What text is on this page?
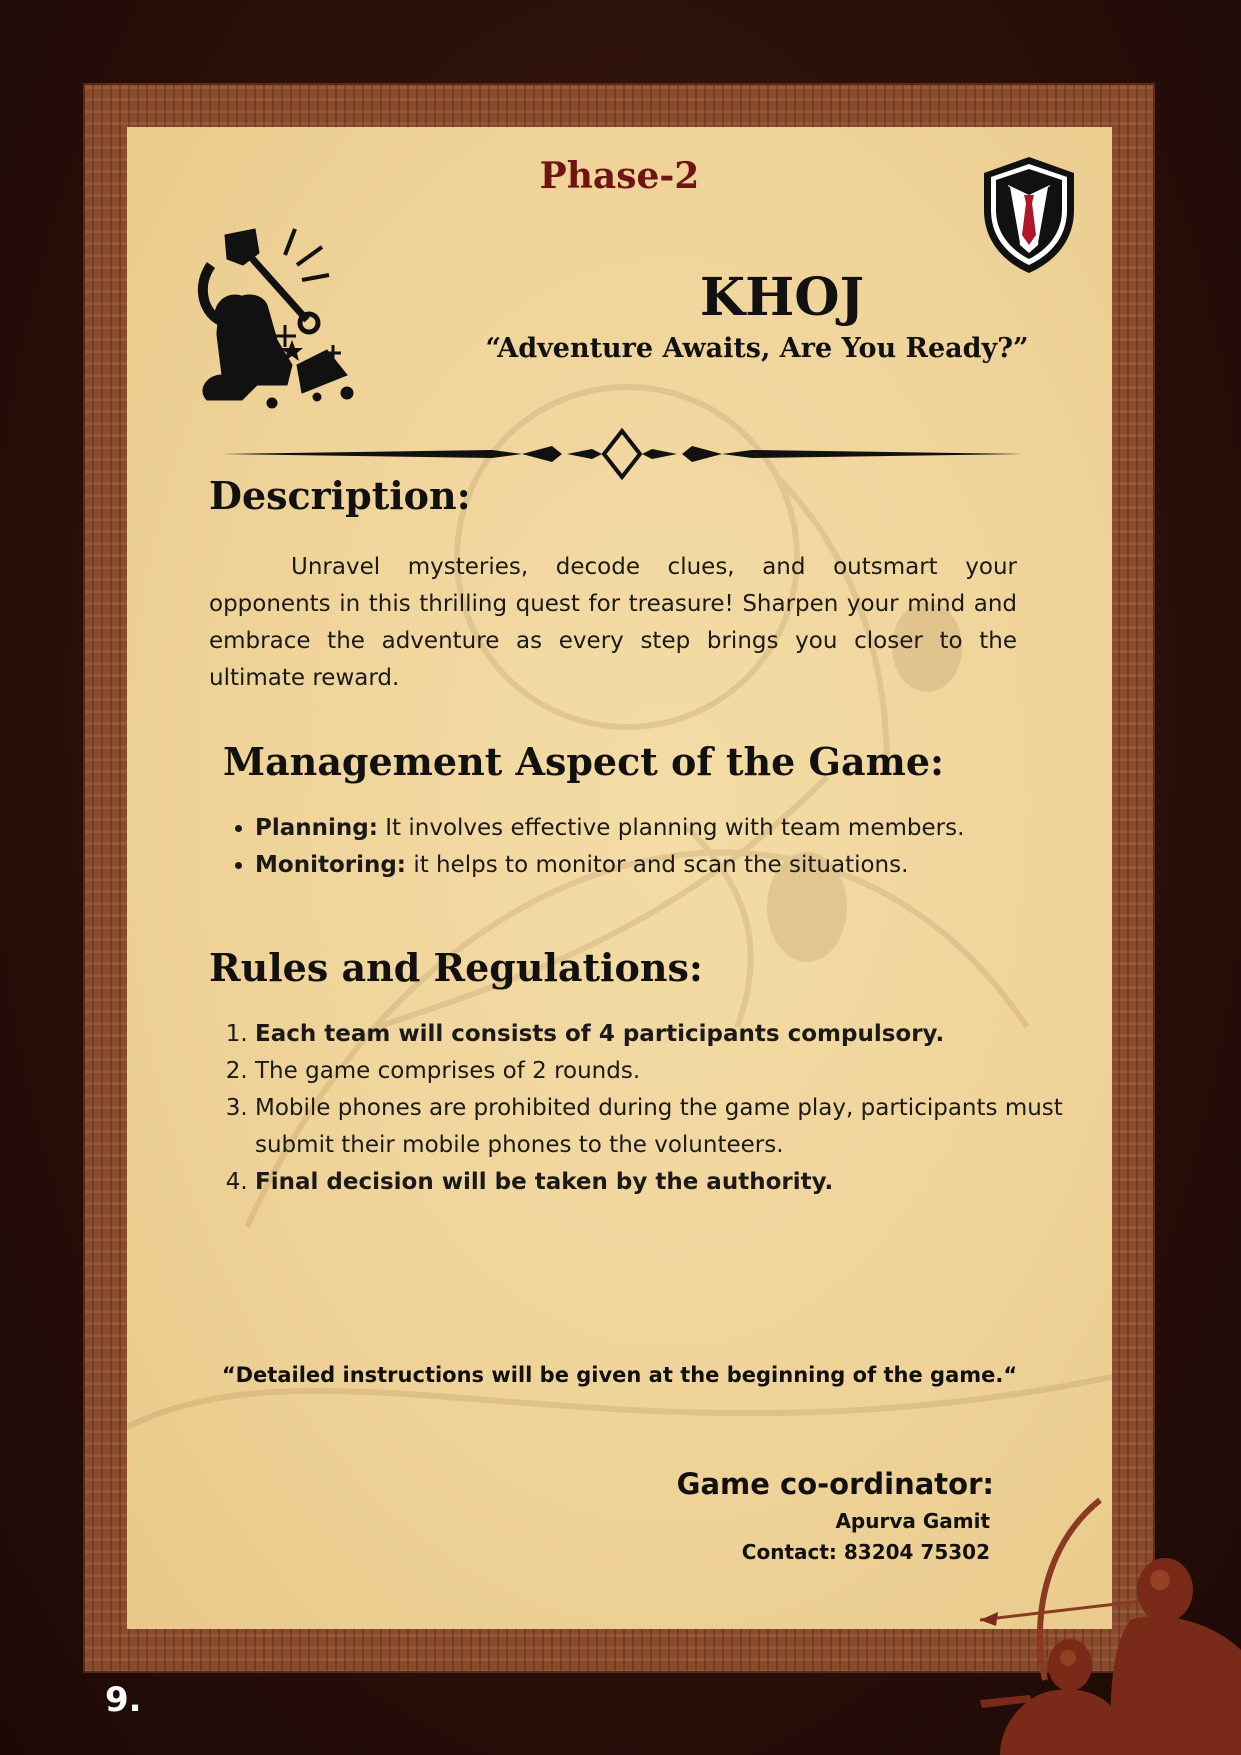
Phase-2
KHOJ
“Adventure Awaits, Are You Ready?”
Description:
Unravel mysteries, decode clues, and outsmart your opponents in this thrilling quest for treasure! Sharpen your mind and embrace the adventure as every step brings you closer to the ultimate reward.
Management Aspect of the Game:
• Planning: It involves effective planning with team members.
• Monitoring: it helps to monitor and scan the situations.
Rules and Regulations:
1. Each team will consists of 4 participants compulsory.
2. The game comprises of 2 rounds.
3. Mobile phones are prohibited during the game play, participants must submit their mobile phones to the volunteers.
4. Final decision will be taken by the authority.
“Detailed instructions will be given at the beginning of the game.“
Game co-ordinator:
Apurva Gamit
Contact: 83204 75302
9.
